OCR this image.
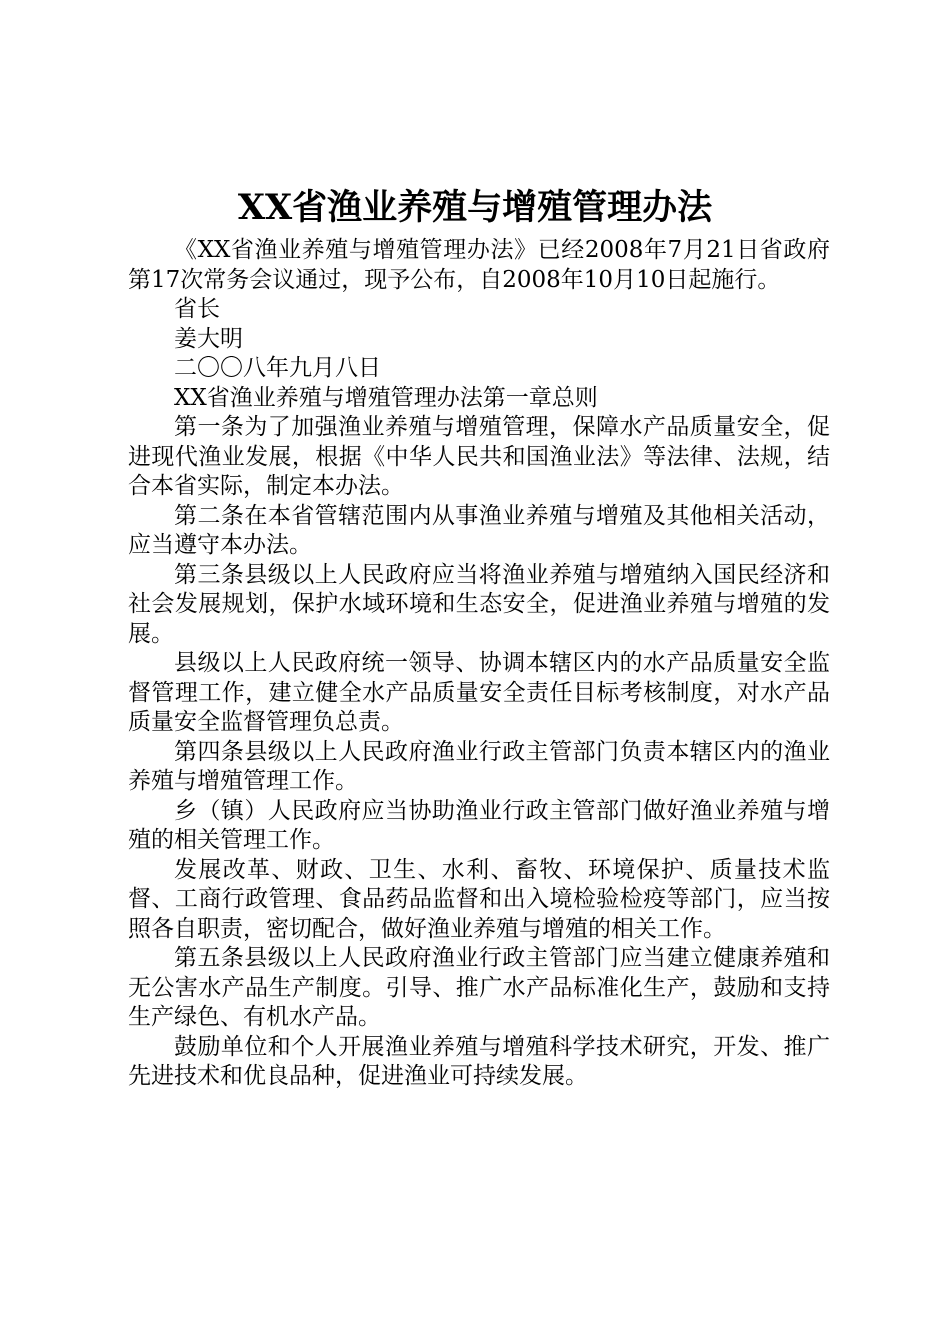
XX省渔业养殖与增殖管理办法

《XX省渔业养殖与增殖管理办法》已经2008年7月21日省政府第17次常务会议通过，现予公布，自2008年10月10日起施行。

省长

姜大明

二〇〇八年九月八日

XX省渔业养殖与增殖管理办法第一章总则

第一条为了加强渔业养殖与增殖管理，保障水产品质量安全，促进现代渔业发展，根据《中华人民共和国渔业法》等法律、法规，结合本省实际，制定本办法。

第二条在本省管辖范围内从事渔业养殖与增殖及其他相关活动，应当遵守本办法。

第三条县级以上人民政府应当将渔业养殖与增殖纳入国民经济和社会发展规划，保护水域环境和生态安全，促进渔业养殖与增殖的发展。

县级以上人民政府统一领导、协调本辖区内的水产品质量安全监督管理工作，建立健全水产品质量安全责任目标考核制度，对水产品质量安全监督管理负总责。

第四条县级以上人民政府渔业行政主管部门负责本辖区内的渔业养殖与增殖管理工作。

乡（镇）人民政府应当协助渔业行政主管部门做好渔业养殖与增殖的相关管理工作。

发展改革、财政、卫生、水利、畜牧、环境保护、质量技术监督、工商行政管理、食品药品监督和出入境检验检疫等部门，应当按照各自职责，密切配合，做好渔业养殖与增殖的相关工作。

第五条县级以上人民政府渔业行政主管部门应当建立健康养殖和无公害水产品生产制度。引导、推广水产品标准化生产，鼓励和支持生产绿色、有机水产品。

鼓励单位和个人开展渔业养殖与增殖科学技术研究，开发、推广先进技术和优良品种，促进渔业可持续发展。
